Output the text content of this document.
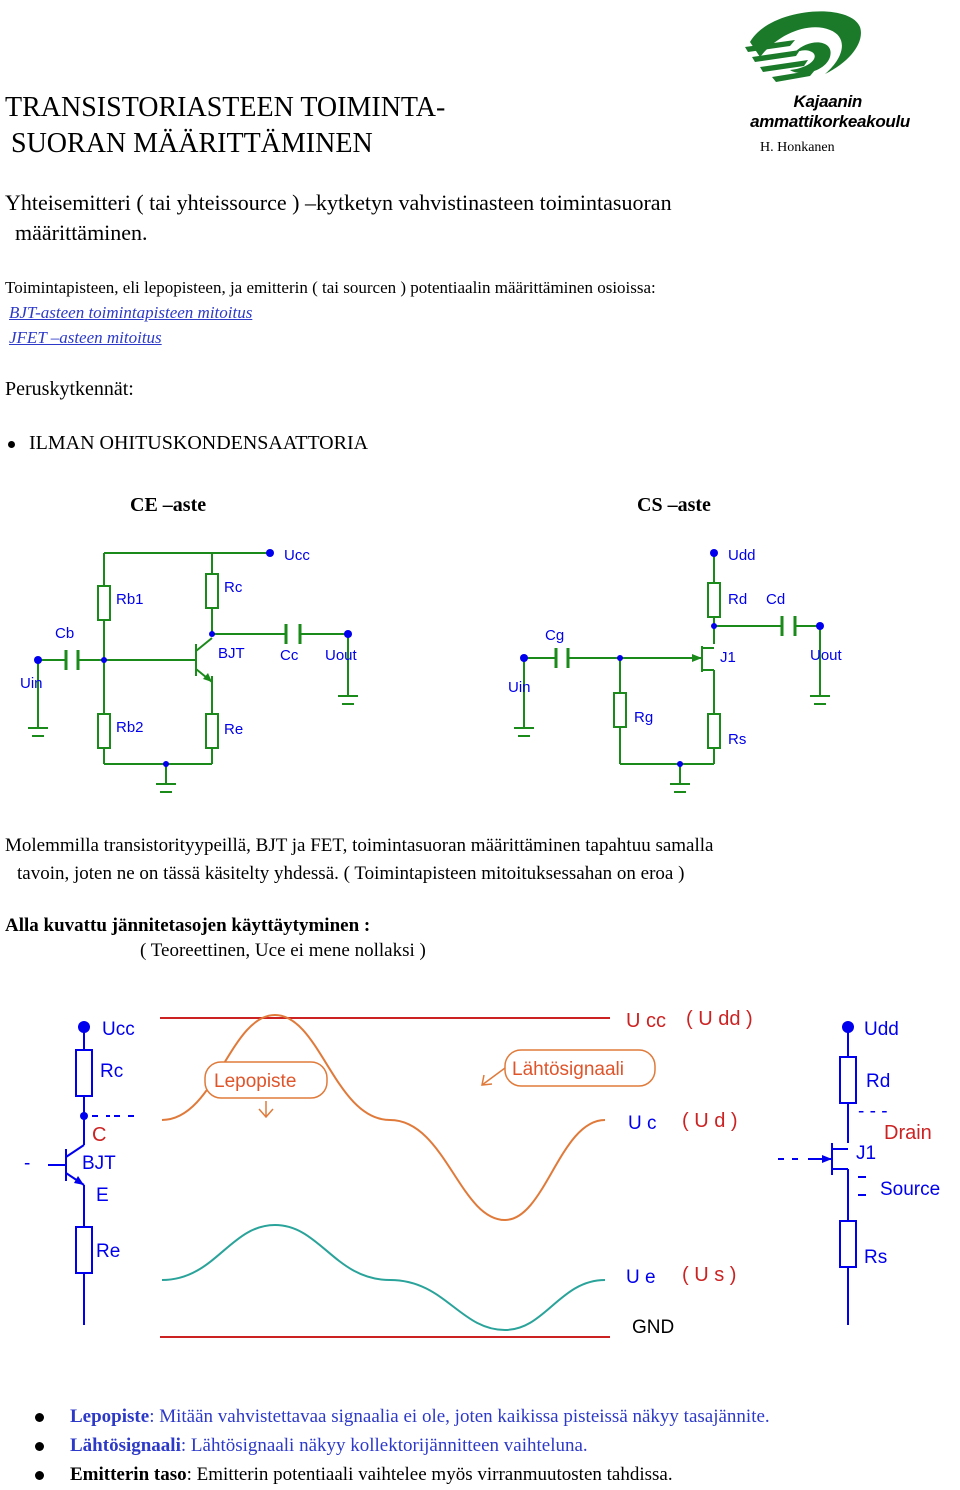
TRANSISTORIASTEEN TOIMINTA-
SUORAN MÄÄRITTÄMINEN
Kajaanin
ammattikorkeakoulu
H. Honkanen
Yhteisemitteri ( tai yhteissource ) –kytketyn vahvistinasteen toimintasuoran
määrittäminen.
Toimintapisteen, eli lepopisteen, ja emitterin ( tai sourcen ) potentiaalin määrittäminen osioissa:
BJT-asteen toimintapisteen mitoitus
JFET –asteen mitoitus
Peruskytkennät:
ILMAN OHITUSKONDENSAATTORIA
CE –aste	CS –aste
Ucc
Rb1
Rc
Cb
BJT Cc Uout
Uin
Rb2	Re
Udd
Rd Cd
Cg
J1	Uout
Uin
Rg
Rs
Molemmilla transistorityypeillä, BJT ja FET, toimintasuoran määrittäminen tapahtuu samalla
tavoin, joten ne on tässä käsitelty yhdessä. ( Toimintapisteen mitoituksessahan on eroa )
Alla kuvattu jännitetasojen käyttäytyminen :
( Teoreettinen, Uce ei mene nollaksi )
Lepopiste
Lähtösignaali
U cc ( U dd )
U c ( U d )
U e ( U s )
GND
Ucc
Rc
C
BJT
E
Re
-
Udd
Rd
- - -
Drain
J1
Source
Rs
Lepopiste: Mitään vahvistettavaa signaalia ei ole, joten kaikissa pisteissä näkyy tasajännite.
Lähtösignaali: Lähtösignaali näkyy kollektorijännitteen vaihteluna.
Emitterin taso: Emitterin potentiaali vaihtelee myös virranmuutosten tahdissa.
